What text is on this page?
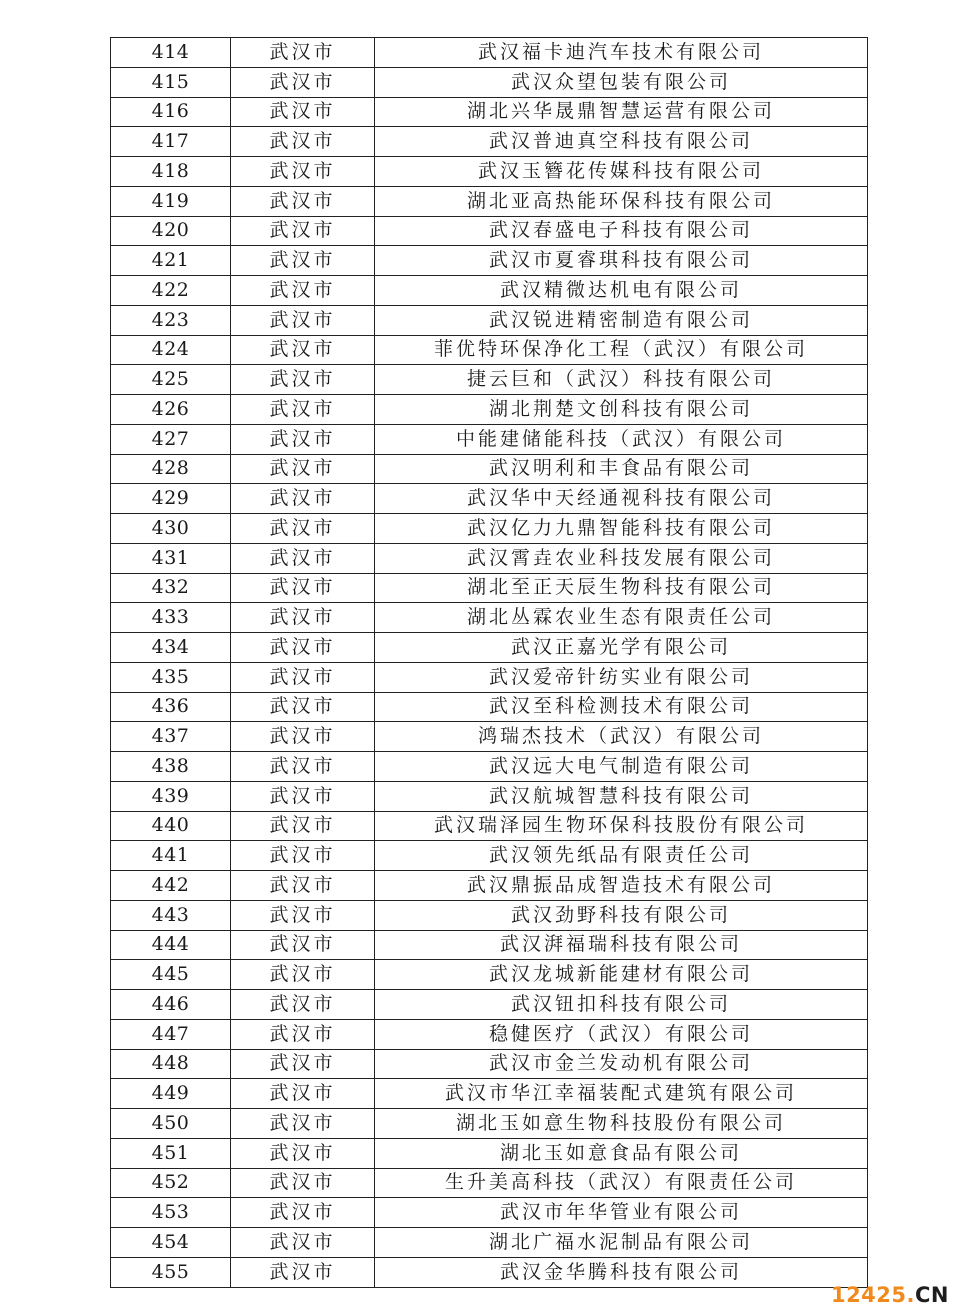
414	武汉市	武汉福卡迪汽车技术有限公司
415	武汉市	武汉众望包装有限公司
416	武汉市	湖北兴华晟鼎智慧运营有限公司
417	武汉市	武汉普迪真空科技有限公司
418	武汉市	武汉玉簪花传媒科技有限公司
419	武汉市	湖北亚高热能环保科技有限公司
420	武汉市	武汉春盛电子科技有限公司
421	武汉市	武汉市夏睿琪科技有限公司
422	武汉市	武汉精微达机电有限公司
423	武汉市	武汉锐进精密制造有限公司
424	武汉市	菲优特环保净化工程（武汉）有限公司
425	武汉市	捷云巨和（武汉）科技有限公司
426	武汉市	湖北荆楚文创科技有限公司
427	武汉市	中能建储能科技（武汉）有限公司
428	武汉市	武汉明利和丰食品有限公司
429	武汉市	武汉华中天经通视科技有限公司
430	武汉市	武汉亿力九鼎智能科技有限公司
431	武汉市	武汉霄垚农业科技发展有限公司
432	武汉市	湖北至正天辰生物科技有限公司
433	武汉市	湖北丛霖农业生态有限责任公司
434	武汉市	武汉正嘉光学有限公司
435	武汉市	武汉爱帝针纺实业有限公司
436	武汉市	武汉至科检测技术有限公司
437	武汉市	鸿瑞杰技术（武汉）有限公司
438	武汉市	武汉远大电气制造有限公司
439	武汉市	武汉航城智慧科技有限公司
440	武汉市	武汉瑞泽园生物环保科技股份有限公司
441	武汉市	武汉领先纸品有限责任公司
442	武汉市	武汉鼎振品成智造技术有限公司
443	武汉市	武汉劲野科技有限公司
444	武汉市	武汉湃福瑞科技有限公司
445	武汉市	武汉龙城新能建材有限公司
446	武汉市	武汉钮扣科技有限公司
447	武汉市	稳健医疗（武汉）有限公司
448	武汉市	武汉市金兰发动机有限公司
449	武汉市	武汉市华江幸福装配式建筑有限公司
450	武汉市	湖北玉如意生物科技股份有限公司
451	武汉市	湖北玉如意食品有限公司
452	武汉市	生升美高科技（武汉）有限责任公司
453	武汉市	武汉市年华管业有限公司
454	武汉市	湖北广福水泥制品有限公司
455	武汉市	武汉金华腾科技有限公司
12425 . CN
